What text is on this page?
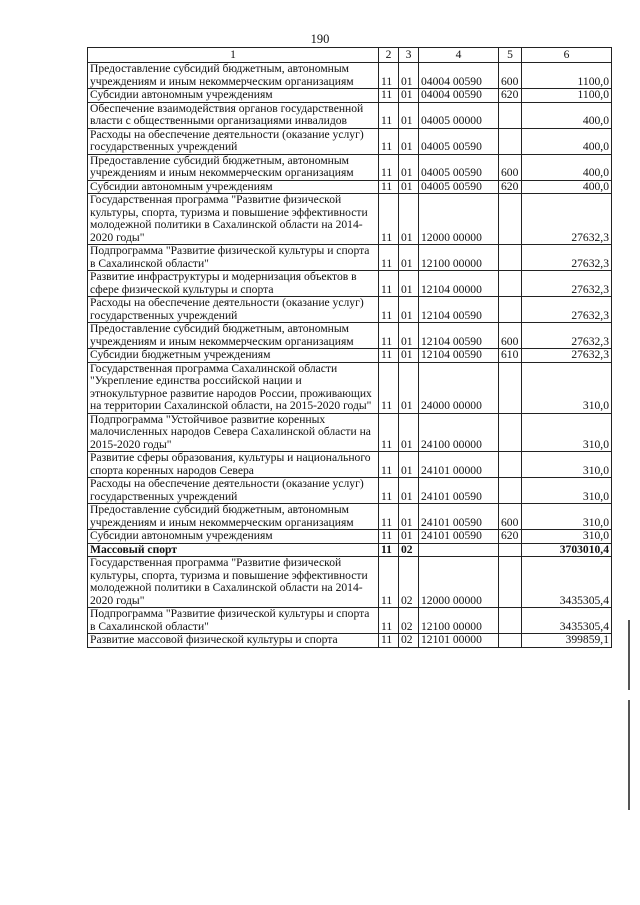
190
1	2	3	4	5	6
Предоставление субсидий бюджетным, автономным учреждениям и иным некоммерческим организациям	11	01	04004 00590	600	1100,0
Субсидии автономным учреждениям	11	01	04004 00590	620	1100,0
Обеспечение взаимодействия органов государственной власти с общественными организациями инвалидов	11	01	04005 00000		400,0
Расходы на обеспечение деятельности (оказание услуг) государственных учреждений	11	01	04005 00590		400,0
Предоставление субсидий бюджетным, автономным учреждениям и иным некоммерческим организациям	11	01	04005 00590	600	400,0
Субсидии автономным учреждениям	11	01	04005 00590	620	400,0
Государственная программа "Развитие физической культуры, спорта, туризма и повышение эффективности молодежной политики в Сахалинской области на 2014-2020 годы"	11	01	12000 00000		27632,3
Подпрограмма "Развитие физической культуры и спорта в Сахалинской области"	11	01	12100 00000		27632,3
Развитие инфраструктуры и модернизация объектов в сфере физической культуры и спорта	11	01	12104 00000		27632,3
Расходы на обеспечение деятельности (оказание услуг) государственных учреждений	11	01	12104 00590		27632,3
Предоставление субсидий бюджетным, автономным учреждениям и иным некоммерческим организациям	11	01	12104 00590	600	27632,3
Субсидии бюджетным учреждениям	11	01	12104 00590	610	27632,3
Государственная программа Сахалинской области "Укрепление единства российской нации и этнокультурное развитие народов России, проживающих на территории Сахалинской области, на 2015-2020 годы"	11	01	24000 00000		310,0
Подпрограмма "Устойчивое развитие коренных малочисленных народов Севера Сахалинской области на 2015-2020 годы"	11	01	24100 00000		310,0
Развитие сферы образования, культуры и национального спорта коренных народов Севера	11	01	24101 00000		310,0
Расходы на обеспечение деятельности (оказание услуг) государственных учреждений	11	01	24101 00590		310,0
Предоставление субсидий бюджетным, автономным учреждениям и иным некоммерческим организациям	11	01	24101 00590	600	310,0
Субсидии автономным учреждениям	11	01	24101 00590	620	310,0
Массовый спорт	11	02			3703010,4
Государственная программа "Развитие физической культуры, спорта, туризма и повышение эффективности молодежной политики в Сахалинской области на 2014-2020 годы"	11	02	12000 00000		3435305,4
Подпрограмма "Развитие физической культуры и спорта в Сахалинской области"	11	02	12100 00000		3435305,4
Развитие массовой физической культуры и спорта	11	02	12101 00000		399859,1
